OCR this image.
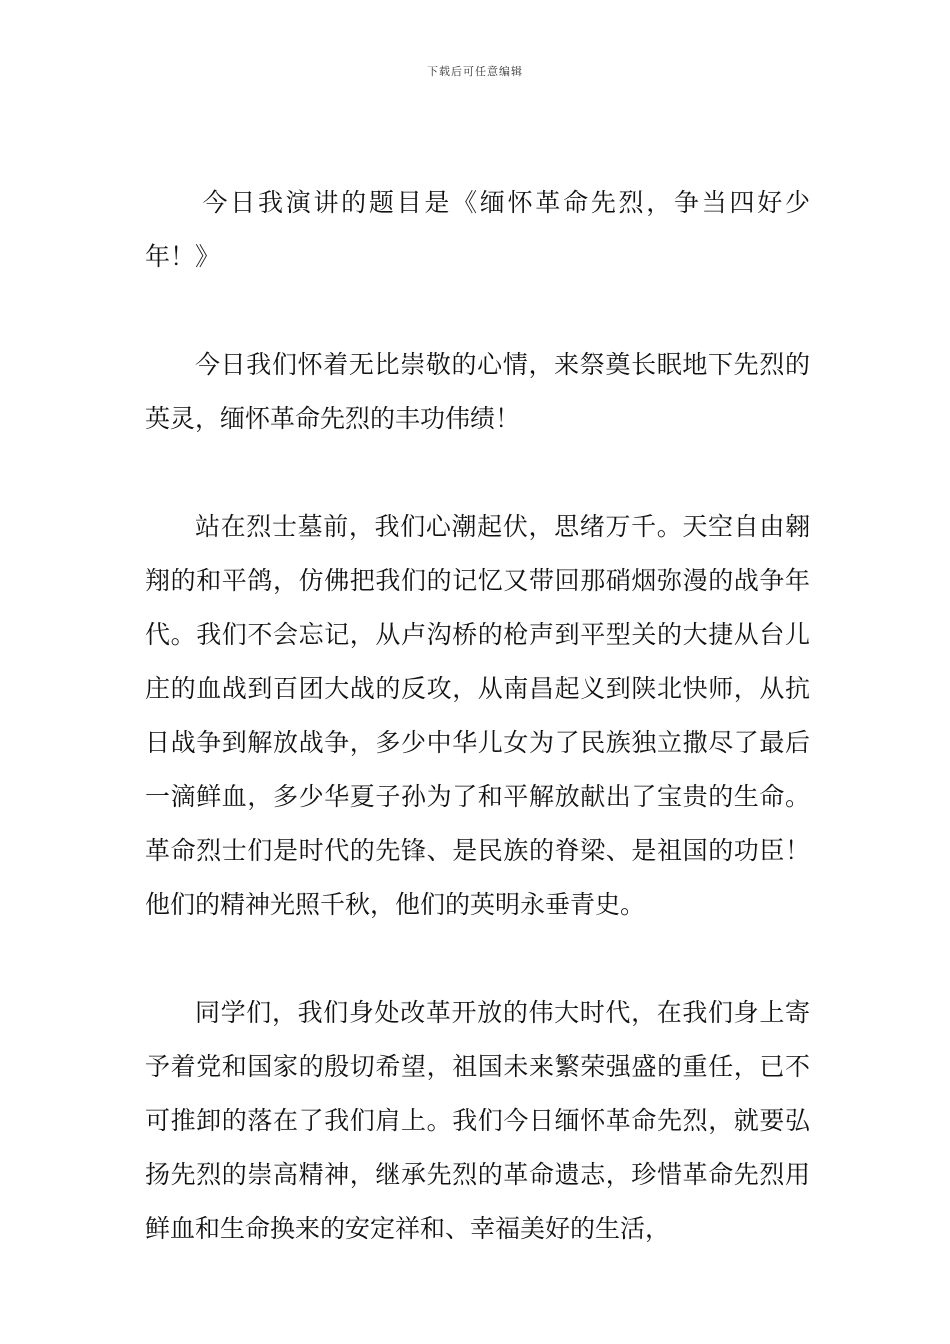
下载后可任意编辑

今日我演讲的题目是《缅怀革命先烈，争当四好少年！》

今日我们怀着无比崇敬的心情，来祭奠长眠地下先烈的英灵，缅怀革命先烈的丰功伟绩！

站在烈士墓前，我们心潮起伏，思绪万千。天空自由翱翔的和平鸽，仿佛把我们的记忆又带回那硝烟弥漫的战争年代。我们不会忘记，从卢沟桥的枪声到平型关的大捷从台儿庄的血战到百团大战的反攻，从南昌起义到陕北快师，从抗日战争到解放战争，多少中华儿女为了民族独立撒尽了最后一滴鲜血，多少华夏子孙为了和平解放献出了宝贵的生命。革命烈士们是时代的先锋、是民族的脊梁、是祖国的功臣！他们的精神光照千秋，他们的英明永垂青史。

同学们，我们身处改革开放的伟大时代，在我们身上寄予着党和国家的殷切希望，祖国未来繁荣强盛的重任，已不可推卸的落在了我们肩上。我们今日缅怀革命先烈，就要弘扬先烈的崇高精神，继承先烈的革命遗志，珍惜革命先烈用鲜血和生命换来的安定祥和、幸福美好的生活，
